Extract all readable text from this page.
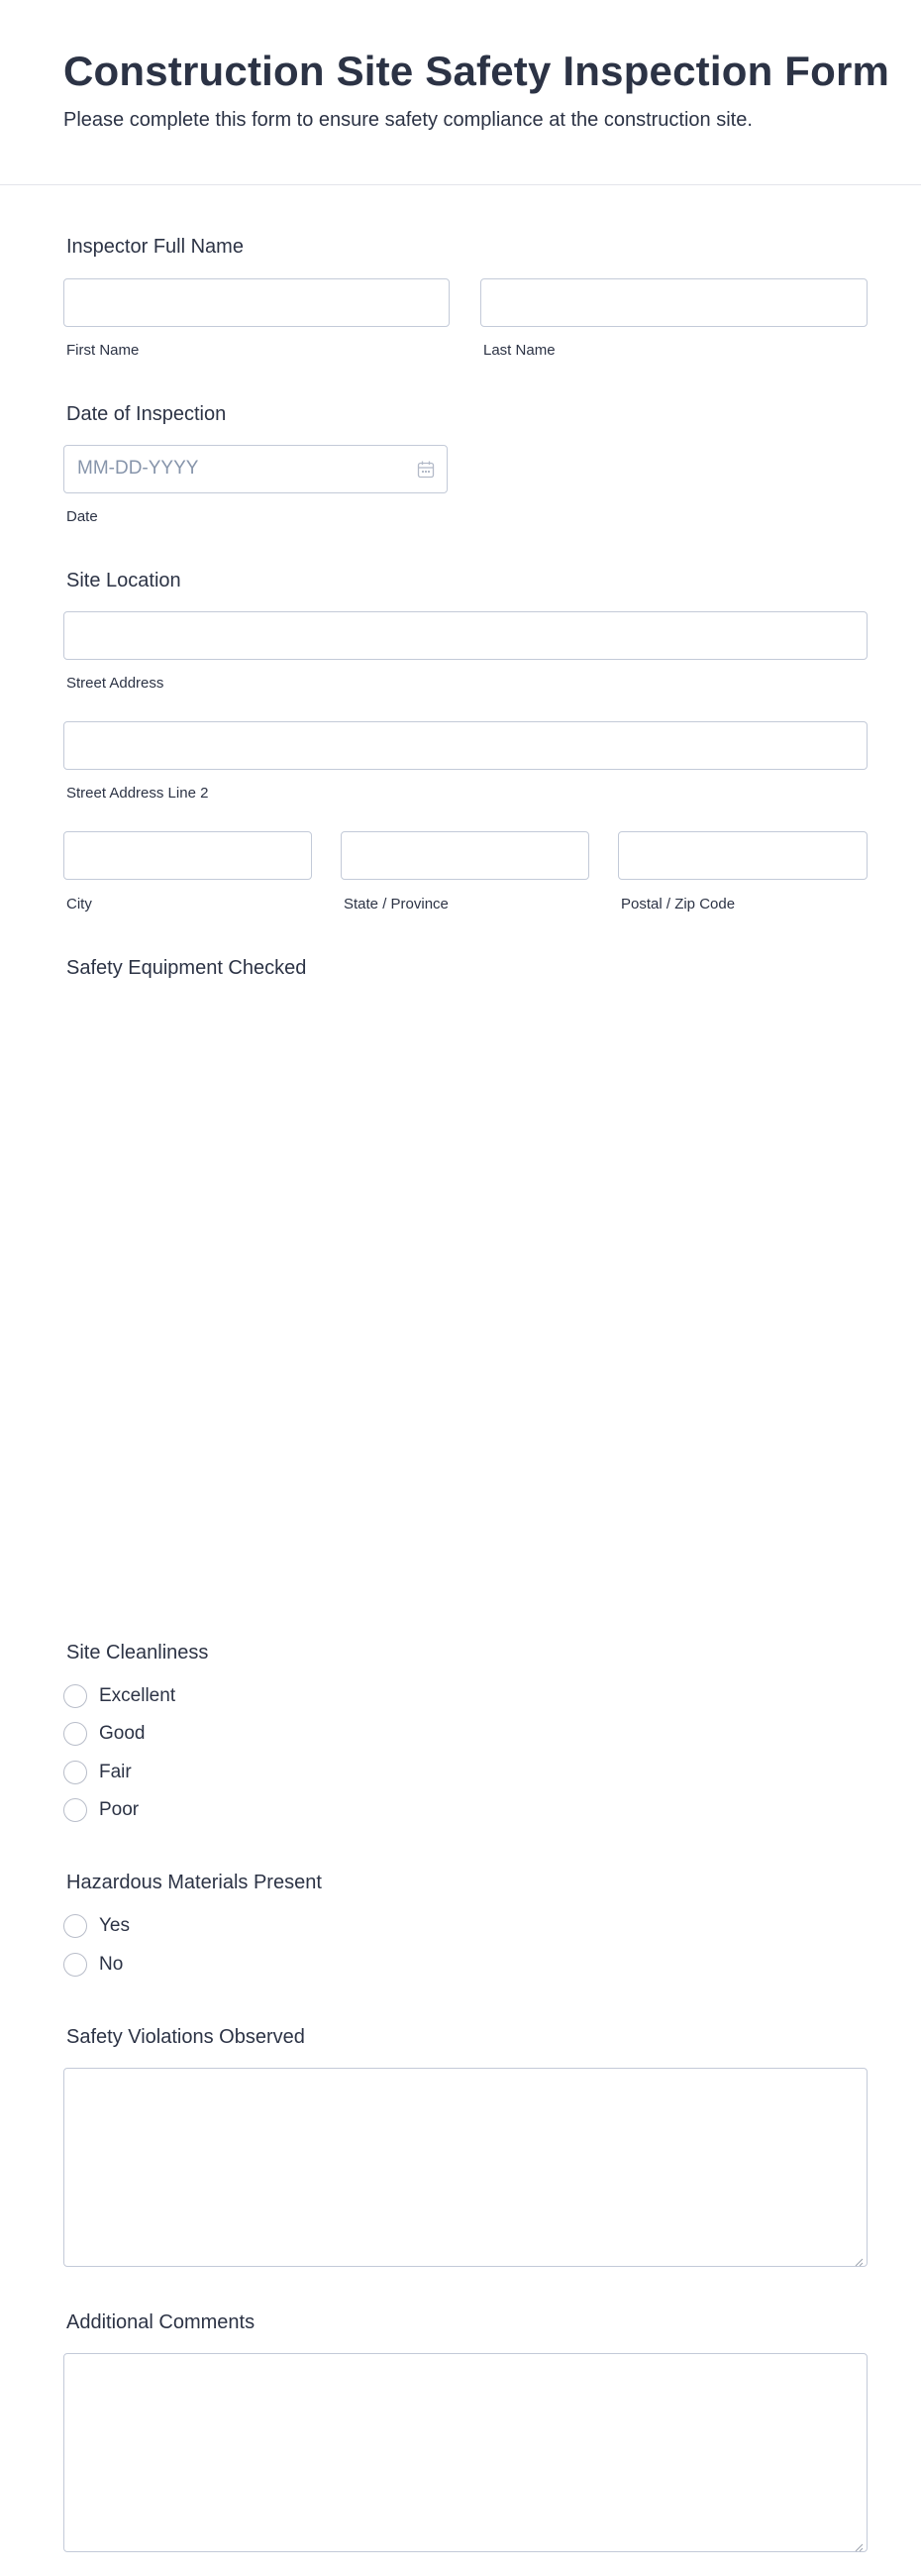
Construction Site Safety Inspection Form
Please complete this form to ensure safety compliance at the construction site.
Inspector Full Name
First Name	Last Name
Date of Inspection
MM-DD-YYYY
Date
Site Location
Street Address
Street Address Line 2
City	State / Province	Postal / Zip Code
Safety Equipment Checked
Site Cleanliness
Excellent
Good
Fair
Poor
Hazardous Materials Present
Yes
No
Safety Violations Observed
Additional Comments
